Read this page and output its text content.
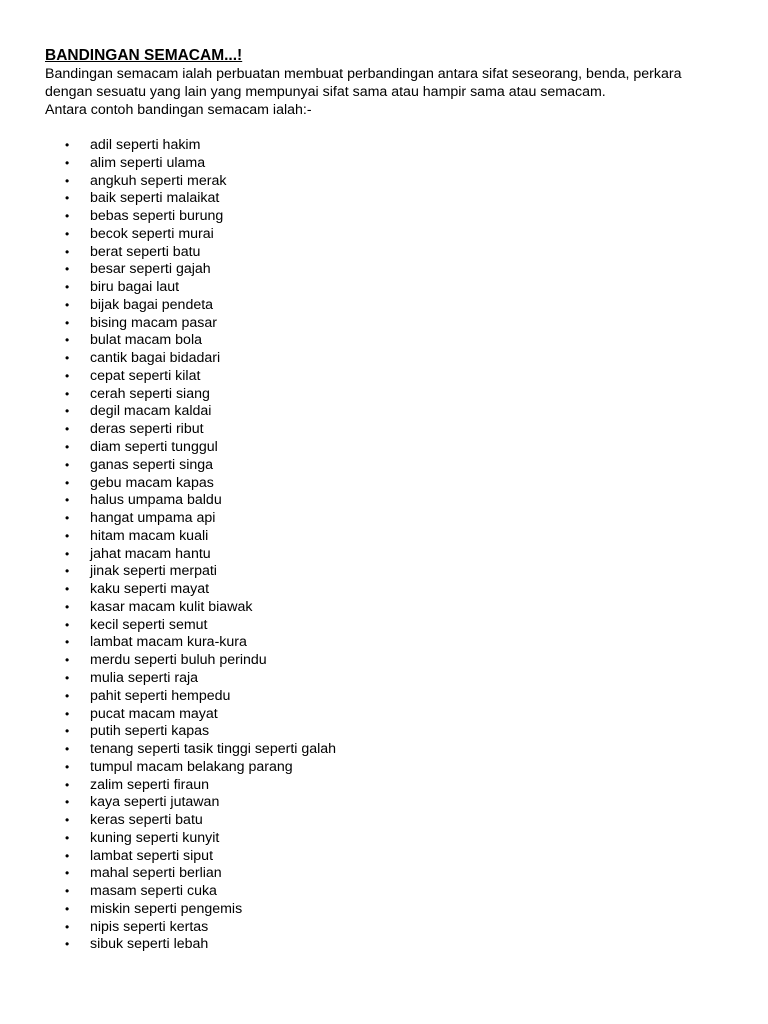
BANDINGAN SEMACAM...!

Bandingan semacam ialah perbuatan membuat perbandingan antara sifat seseorang, benda, perkara

dengan sesuatu yang lain yang mempunyai sifat sama atau hampir sama atau semacam.

Antara contoh bandingan semacam ialah:-

• adil seperti hakim
• alim seperti ulama
• angkuh seperti merak
• baik seperti malaikat
• bebas seperti burung
• becok seperti murai
• berat seperti batu
• besar seperti gajah
• biru bagai laut
• bijak bagai pendeta
• bising macam pasar
• bulat macam bola
• cantik bagai bidadari
• cepat seperti kilat
• cerah seperti siang
• degil macam kaldai
• deras seperti ribut
• diam seperti tunggul
• ganas seperti singa
• gebu macam kapas
• halus umpama baldu
• hangat umpama api
• hitam macam kuali
• jahat macam hantu
• jinak seperti merpati
• kaku seperti mayat
• kasar macam kulit biawak
• kecil seperti semut
• lambat macam kura-kura
• merdu seperti buluh perindu
• mulia seperti raja
• pahit seperti hempedu
• pucat macam mayat
• putih seperti kapas
• tenang seperti tasik tinggi seperti galah
• tumpul macam belakang parang
• zalim seperti firaun
• kaya seperti jutawan
• keras seperti batu
• kuning seperti kunyit
• lambat seperti siput
• mahal seperti berlian
• masam seperti cuka
• miskin seperti pengemis
• nipis seperti kertas
• sibuk seperti lebah
